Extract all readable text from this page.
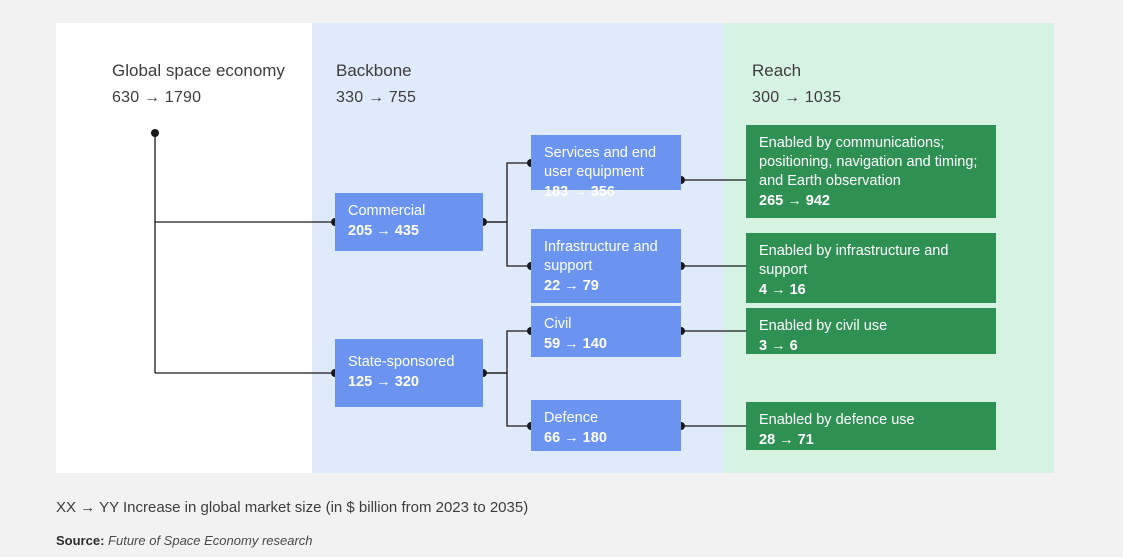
Global space economy
630 → 1790
Backbone
330 → 755
Reach
300 → 1035
Commercial
205 → 435
State-sponsored
125 → 320
Services and end user equipment
183 → 356
Infrastructure and support
22 → 79
Civil
59 → 140
Defence
66 → 180
Enabled by communications; positioning, navigation and timing; and Earth observation
265 → 942
Enabled by infrastructure and support
4 → 16
Enabled by civil use
3 → 6
Enabled by defence use
28 → 71
XX → YY Increase in global market size (in $ billion from 2023 to 2035)
Source: Future of Space Economy research
